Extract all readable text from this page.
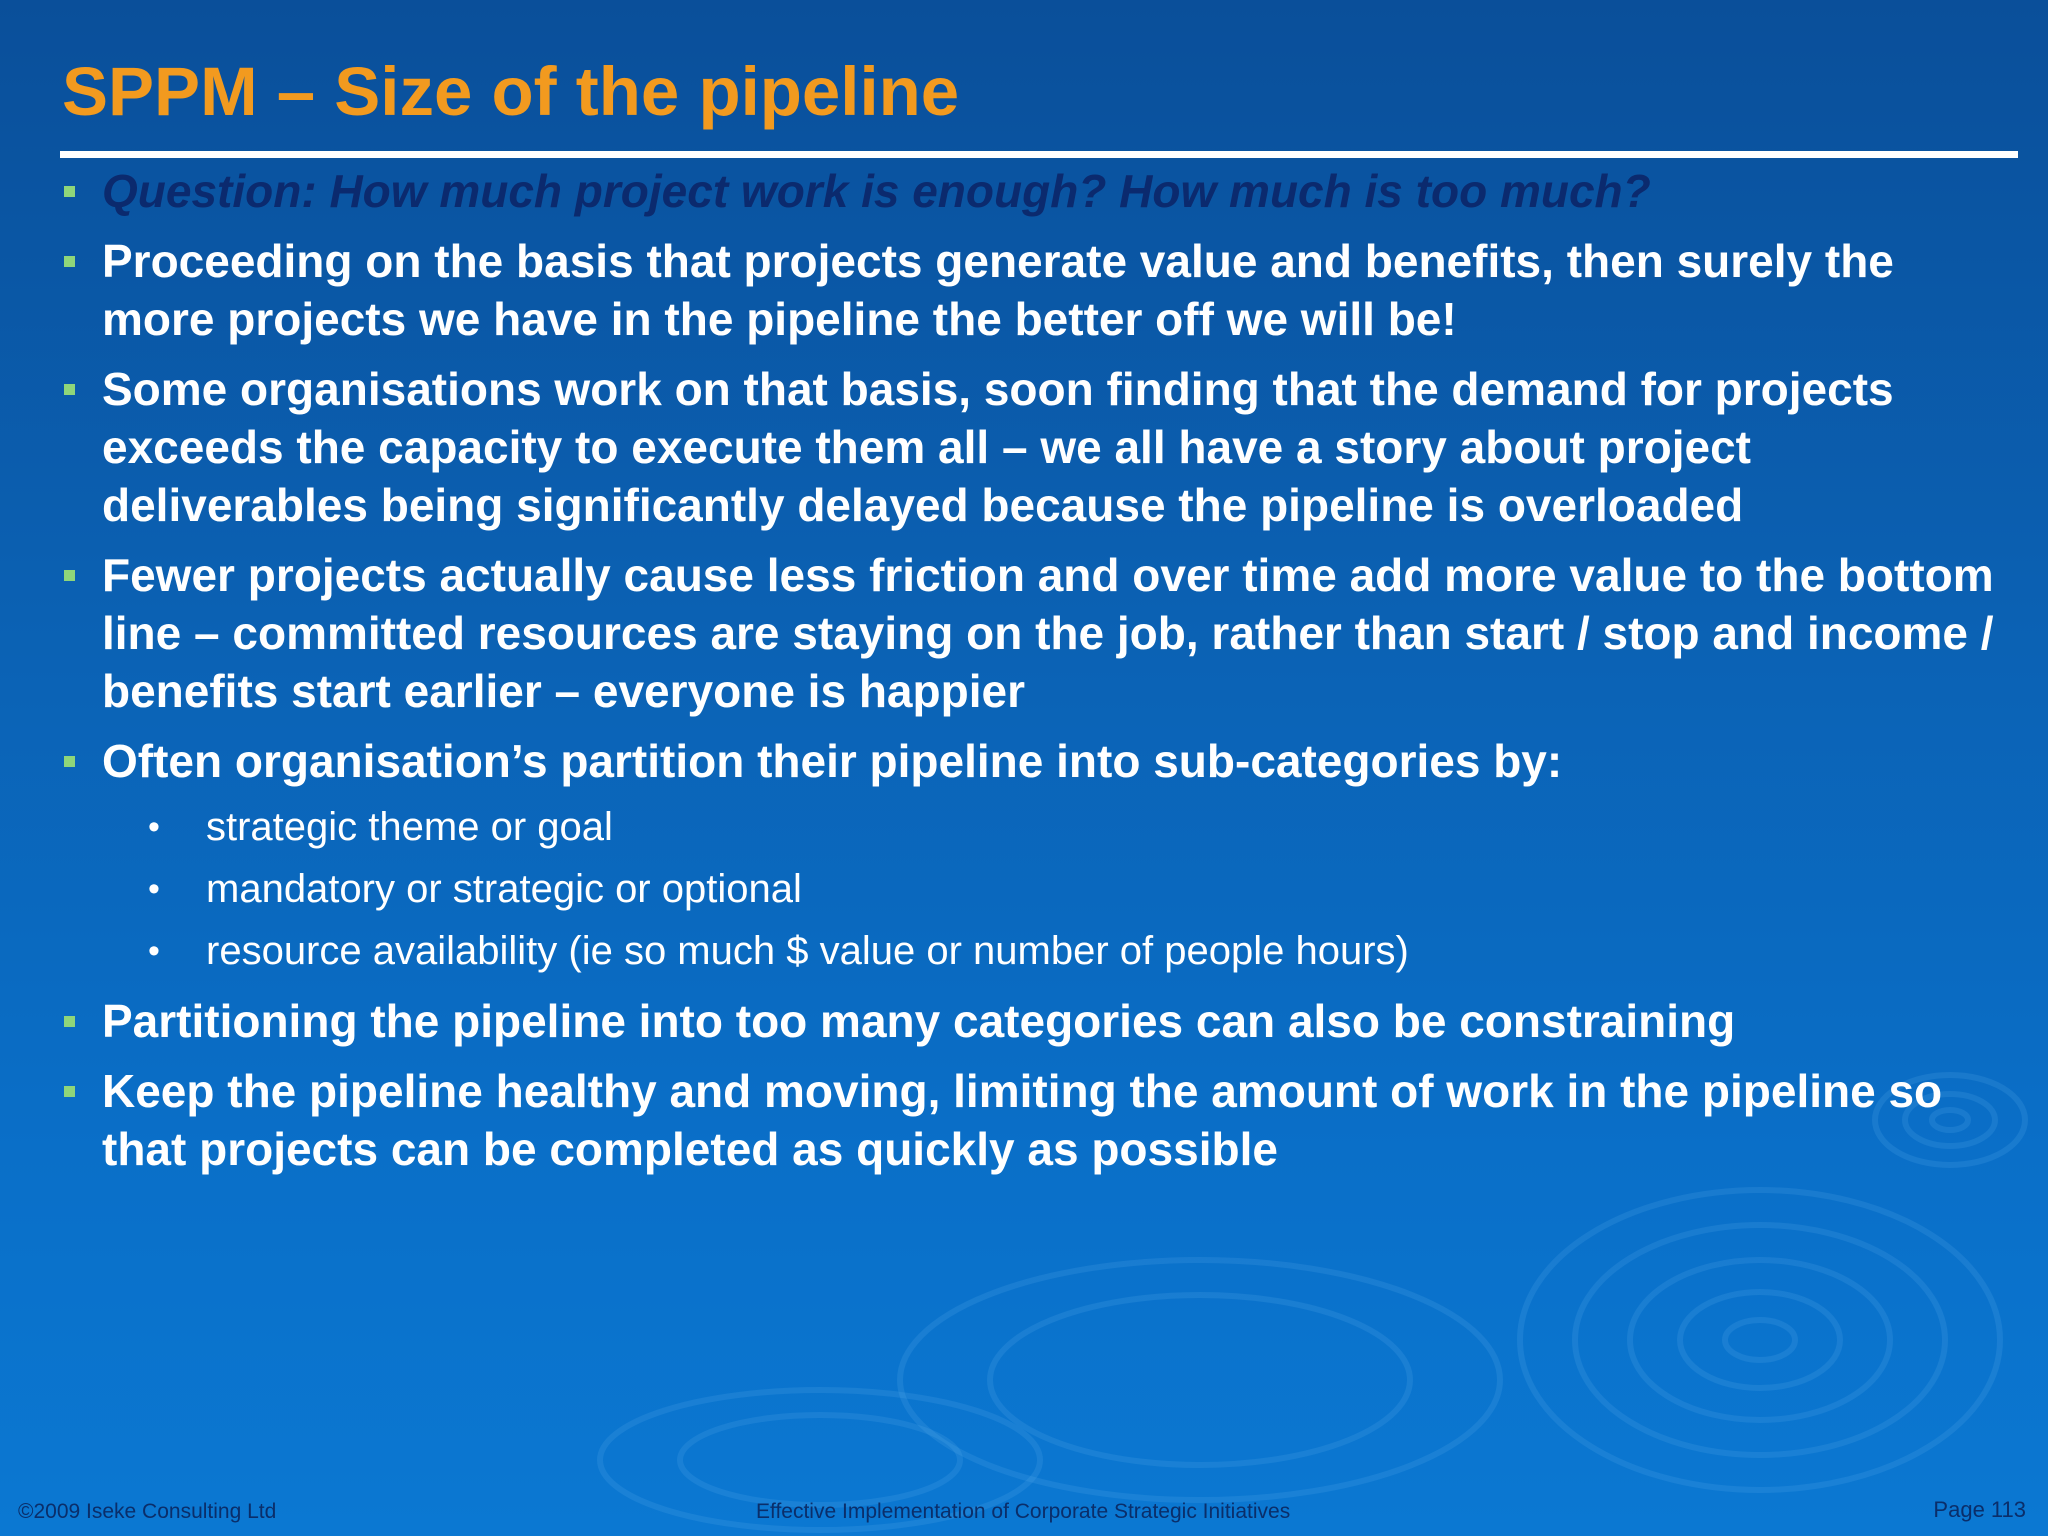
SPPM – Size of the pipeline
Question: How much project work is enough? How much is too much?
Proceeding on the basis that projects generate value and benefits, then surely the more projects we have in the pipeline the better off we will be!
Some organisations work on that basis, soon finding that the demand for projects exceeds the capacity to execute them all – we all have a story about project deliverables being significantly delayed because the pipeline is overloaded
Fewer projects actually cause less friction and over time add more value to the bottom line – committed resources are staying on the job, rather than start / stop and income / benefits start earlier – everyone is happier
Often organisation’s partition their pipeline into sub-categories by:
• strategic theme or goal
• mandatory or strategic or optional
• resource availability (ie so much $ value or number of people hours)
Partitioning the pipeline into too many categories can also be constraining
Keep the pipeline healthy and moving, limiting the amount of work in the pipeline so that projects can be completed as quickly as possible
©2009 Iseke Consulting Ltd	Effective Implementation of Corporate Strategic Initiatives	Page 113
